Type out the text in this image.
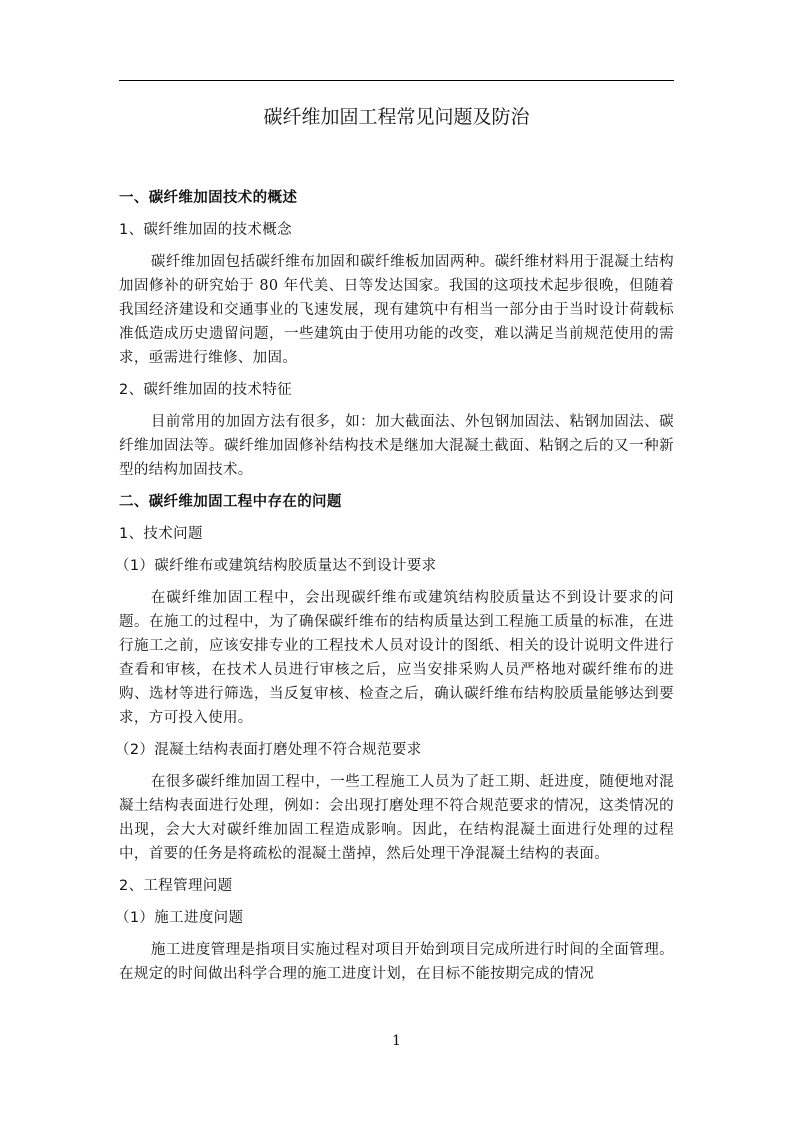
碳纤维加固工程常见问题及防治

一、碳纤维加固技术的概述

1、碳纤维加固的技术概念

碳纤维加固包括碳纤维布加固和碳纤维板加固两种。碳纤维材料用于混凝土结构加固修补的研究始于 80 年代美、日等发达国家。我国的这项技术起步很晚，但随着我国经济建设和交通事业的飞速发展，现有建筑中有相当一部分由于当时设计荷载标准低造成历史遗留问题，一些建筑由于使用功能的改变，难以满足当前规范使用的需求，亟需进行维修、加固。

2、碳纤维加固的技术特征

目前常用的加固方法有很多，如：加大截面法、外包钢加固法、粘钢加固法、碳纤维加固法等。碳纤维加固修补结构技术是继加大混凝土截面、粘钢之后的又一种新型的结构加固技术。

二、碳纤维加固工程中存在的问题

1、技术问题

（1）碳纤维布或建筑结构胶质量达不到设计要求

在碳纤维加固工程中，会出现碳纤维布或建筑结构胶质量达不到设计要求的问题。在施工的过程中，为了确保碳纤维布的结构质量达到工程施工质量的标准，在进行施工之前，应该安排专业的工程技术人员对设计的图纸、相关的设计说明文件进行查看和审核，在技术人员进行审核之后，应当安排采购人员严格地对碳纤维布的进购、选材等进行筛选，当反复审核、检查之后，确认碳纤维布结构胶质量能够达到要求，方可投入使用。

（2）混凝土结构表面打磨处理不符合规范要求

在很多碳纤维加固工程中，一些工程施工人员为了赶工期、赶进度，随便地对混凝土结构表面进行处理，例如：会出现打磨处理不符合规范要求的情况，这类情况的出现，会大大对碳纤维加固工程造成影响。因此，在结构混凝土面进行处理的过程中，首要的任务是将疏松的混凝土凿掉，然后处理干净混凝土结构的表面。

2、工程管理问题

（1）施工进度问题

施工进度管理是指项目实施过程对项目开始到项目完成所进行时间的全面管理。在规定的时间做出科学合理的施工进度计划，在目标不能按期完成的情况

1
